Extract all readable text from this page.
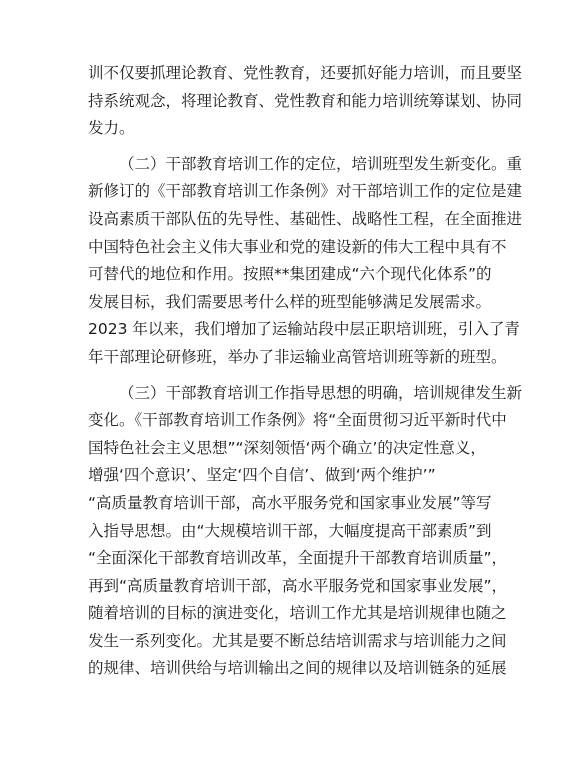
训不仅要抓理论教育、党性教育，还要抓好能力培训，而且要坚
持系统观念，将理论教育、党性教育和能力培训统筹谋划、协同
发力。

（二）干部教育培训工作的定位，培训班型发生新变化。重
新修订的《干部教育培训工作条例》对干部培训工作的定位是建
设高素质干部队伍的先导性、基础性、战略性工程，在全面推进
中国特色社会主义伟大事业和党的建设新的伟大工程中具有不
可替代的地位和作用。按照**集团建成“六个现代化体系”的
发展目标，我们需要思考什么样的班型能够满足发展需求。
2023 年以来，我们增加了运输站段中层正职培训班，引入了青
年干部理论研修班，举办了非运输业高管培训班等新的班型。

（三）干部教育培训工作指导思想的明确，培训规律发生新
变化。《干部教育培训工作条例》将“全面贯彻习近平新时代中
国特色社会主义思想”“深刻领悟‘两个确立’的决定性意义，
增强‘四个意识’、坚定‘四个自信’、做到‘两个维护’”
“高质量教育培训干部，高水平服务党和国家事业发展”等写
入指导思想。由“大规模培训干部，大幅度提高干部素质”到
“全面深化干部教育培训改革，全面提升干部教育培训质量”，
再到“高质量教育培训干部，高水平服务党和国家事业发展”，
随着培训的目标的演进变化，培训工作尤其是培训规律也随之
发生一系列变化。尤其是要不断总结培训需求与培训能力之间
的规律、培训供给与培训输出之间的规律以及培训链条的延展
